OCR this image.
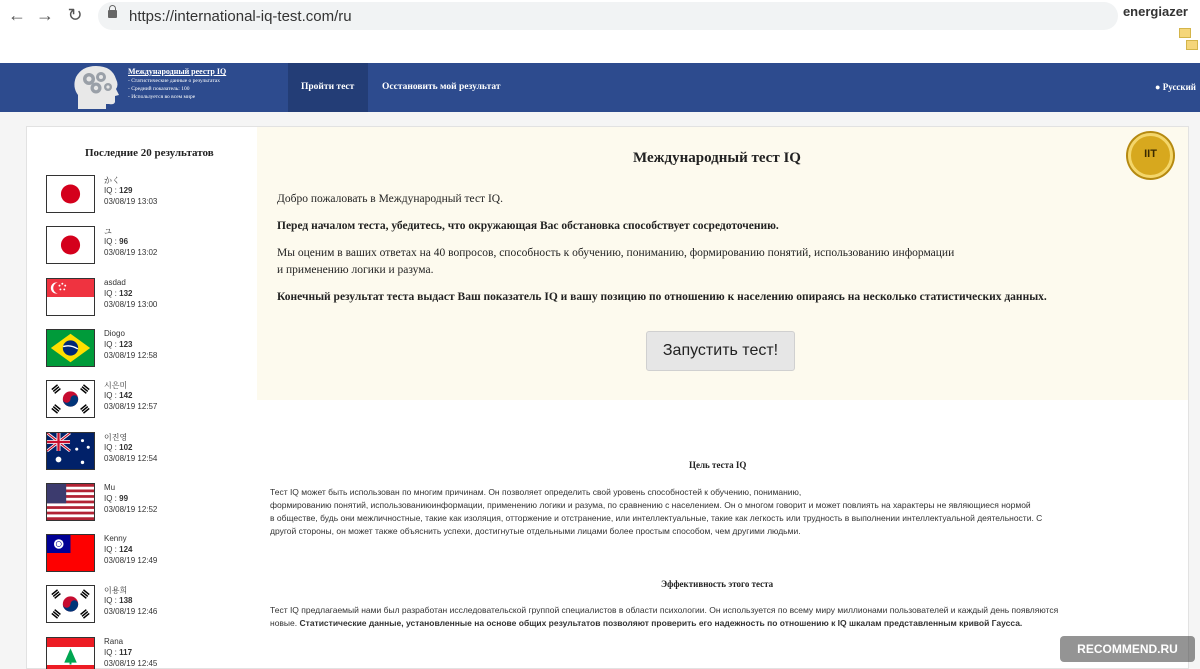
← → ↻	https://international-iq-test.com/ru	energiazer
Международный реестр IQ
- Статистические данные о результатах
- Средний показатель: 100
- Используется во всем мире
Пройти тест	Осстановить мой результат	● Русский
Последние 20 результатов
かく
IQ : 129
03/08/19 13:03
ユ
IQ : 96
03/08/19 13:02
asdad
IQ : 132
03/08/19 13:00
Diogo
IQ : 123
03/08/19 12:58
시은미
IQ : 142
03/08/19 12:57
이진영
IQ : 102
03/08/19 12:54
Mu
IQ : 99
03/08/19 12:52
Kenny
IQ : 124
03/08/19 12:49
이용희
IQ : 138
03/08/19 12:46
Rana
IQ : 117
03/08/19 12:45
Международный тест IQ	IIT
Добро пожаловать в Международный тест IQ.
Перед началом теста, убедитесь, что окружающая Вас обстановка способствует сосредоточению.
Мы оценим в ваших ответах на 40 вопросов, способность к обучению, пониманию, формированию понятий, использованию информации
и применению логики и разума.
Конечный результат теста выдаст Ваш показатель IQ и вашу позицию по отношению к населению опираясь на несколько статистических данных.
Запустить тест!
Цель теста IQ
Тест IQ может быть использован по многим причинам. Он позволяет определить свой уровень способностей к обучению, пониманию,
формированию понятий, использованиюинформации, применению логики и разума, по сравнению с населением. Он о многом говорит и может повлиять на характеры не являющиеся нормой
в обществе, будь они межличностные, такие как изоляция, отторжение и отстранение, или интеллектуальные, такие как легкость или трудность в выполнении интеллектуальной деятельности. С
другой стороны, он может также объяснить успехи, достигнутые отдельными лицами более простым способом, чем другими людьми.
Эффективность этого теста
Тест IQ предлагаемый нами был разработан исследовательской группой специалистов в области психологии. Он используется по всему миру миллионами пользователей и каждый день появляются
новые. Статистические данные, установленные на основе общих результатов позволяют проверить его надежность по отношению к IQ шкалам представленным кривой Гаусса.
RECOMMEND.RU
